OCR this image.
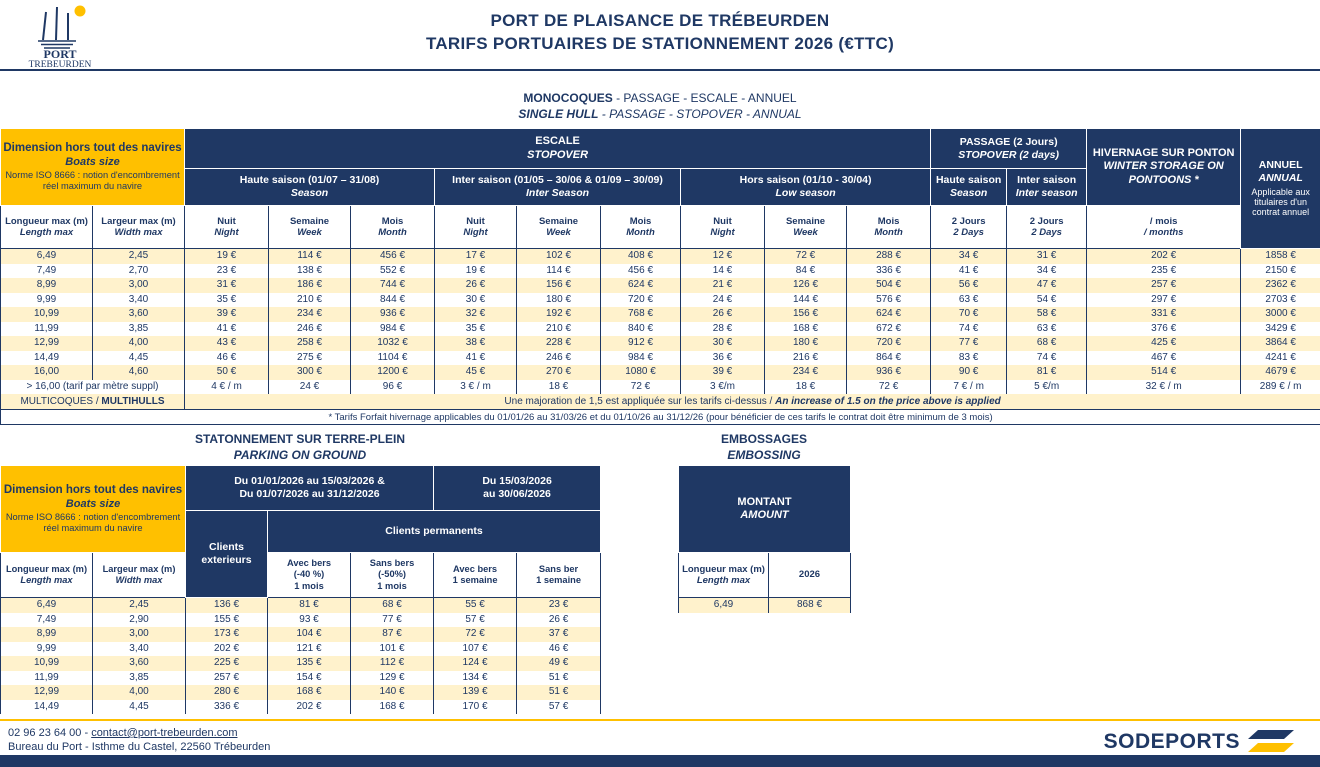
PORT
TREBEURDEN
PORT DE PLAISANCE DE TRÉBEURDEN
TARIFS PORTUAIRES DE STATIONNEMENT 2026 (€TTC)
MONOCOQUES - PASSAGE - ESCALE - ANNUEL
SINGLE HULL - PASSAGE - STOPOVER - ANNUAL
Dimension hors tout des navires
Boats size
Norme ISO 8666 : notion d'encombrement
réel maximum du navire

ESCALE
STOPOVER

PASSAGE (2 Jours)
STOPOVER (2 days)	HIVERNAGE SUR PONTON
WINTER STORAGE ON PONTOONS *

ANNUEL
ANNUAL
Applicable aux titulaires d'un contrat annuel

Haute saison (01/07 – 31/08)
Season

Inter saison (01/05 – 30/06 & 01/09 – 30/09)
Inter Season

Hors saison (01/10 - 30/04)
Low season

Haute saison
Season

Inter saison
Inter season

Longueur max (m)
Length max

Largeur max (m)
Width max

Nuit
Night

Semaine
Week

Mois
Month

Nuit
Night

Semaine
Week

Mois
Month

Nuit
Night

Semaine
Week

Mois
Month

2 Jours
2 Days

2 Jours
2 Days

/ mois
/ months

6,49	2,45	19 €	114 €	456 €	17 €	102 €	408 €	12 €	72 €	288 €	34 €	31 €	202 €	1858 €
7,49	2,70	23 €	138 €	552 €	19 €	114 €	456 €	14 €	84 €	336 €	41 €	34 €	235 €	2150 €
8,99	3,00	31 €	186 €	744 €	26 €	156 €	624 €	21 €	126 €	504 €	56 €	47 €	257 €	2362 €
9,99	3,40	35 €	210 €	844 €	30 €	180 €	720 €	24 €	144 €	576 €	63 €	54 €	297 €	2703 €
10,99	3,60	39 €	234 €	936 €	32 €	192 €	768 €	26 €	156 €	624 €	70 €	58 €	331 €	3000 €
11,99	3,85	41 €	246 €	984 €	35 €	210 €	840 €	28 €	168 €	672 €	74 €	63 €	376 €	3429 €
12,99	4,00	43 €	258 €	1032 €	38 €	228 €	912 €	30 €	180 €	720 €	77 €	68 €	425 €	3864 €
14,49	4,45	46 €	275 €	1104 €	41 €	246 €	984 €	36 €	216 €	864 €	83 €	74 €	467 €	4241 €
16,00	4,60	50 €	300 €	1200 €	45 €	270 €	1080 €	39 €	234 €	936 €	90 €	81 €	514 €	4679 €
> 16,00 (tarif par mètre suppl)		4 € / m	24 €	96 €	3 € / m	18 €	72 €	3 €/m	18 €	72 €	7 € / m	5 €/m	32 € / m	289 € / m
MULTICOQUES / MULTIHULLS		Une majoration de 1,5 est appliquée sur les tarifs ci-dessus / An increase of 1.5 on the price above is applied												
* Tarifs Forfait hivernage applicables du 01/01/26 au 31/03/26 et du 01/10/26 au 31/12/26 (pour bénéficier de ces tarifs le contrat doit être minimum de 3 mois)														
STATONNEMENT SUR TERRE-PLEIN
PARKING ON GROUND
Dimension hors tout des navires
Boats size
Norme ISO 8666 : notion d'encombrement
réel maximum du navire

Du 01/01/2026 au 15/03/2026 &
Du 01/07/2026 au 31/12/2026

Du 15/03/2026
au 30/06/2026

		Clients
exterieurs	Clients permanents			

Longueur max (m)
Length max

Largeur max (m)
Width max

Avec bers
(-40 %)
1 mois

Sans bers
(-50%)
1 mois

Avec bers
1 semaine

Sans ber
1 semaine

6,49	2,45	136 €	81 €	68 €	55 €	23 €
7,49	2,90	155 €	93 €	77 €	57 €	26 €
8,99	3,00	173 €	104 €	87 €	72 €	37 €
9,99	3,40	202 €	121 €	101 €	107 €	46 €
10,99	3,60	225 €	135 €	112 €	124 €	49 €
11,99	3,85	257 €	154 €	129 €	134 €	51 €
12,99	4,00	280 €	168 €	140 €	139 €	51 €
14,49	4,45	336 €	202 €	168 €	170 €	57 €
EMBOSSAGES
EMBOSSING
MONTANT
AMOUNT	

Longueur max (m)
Length max	2026

6,49	868 €
02 96 23 64 00 - contact@port-trebeurden.com
Bureau du Port - Isthme du Castel, 22560 Trébeurden	SODEPORTS
